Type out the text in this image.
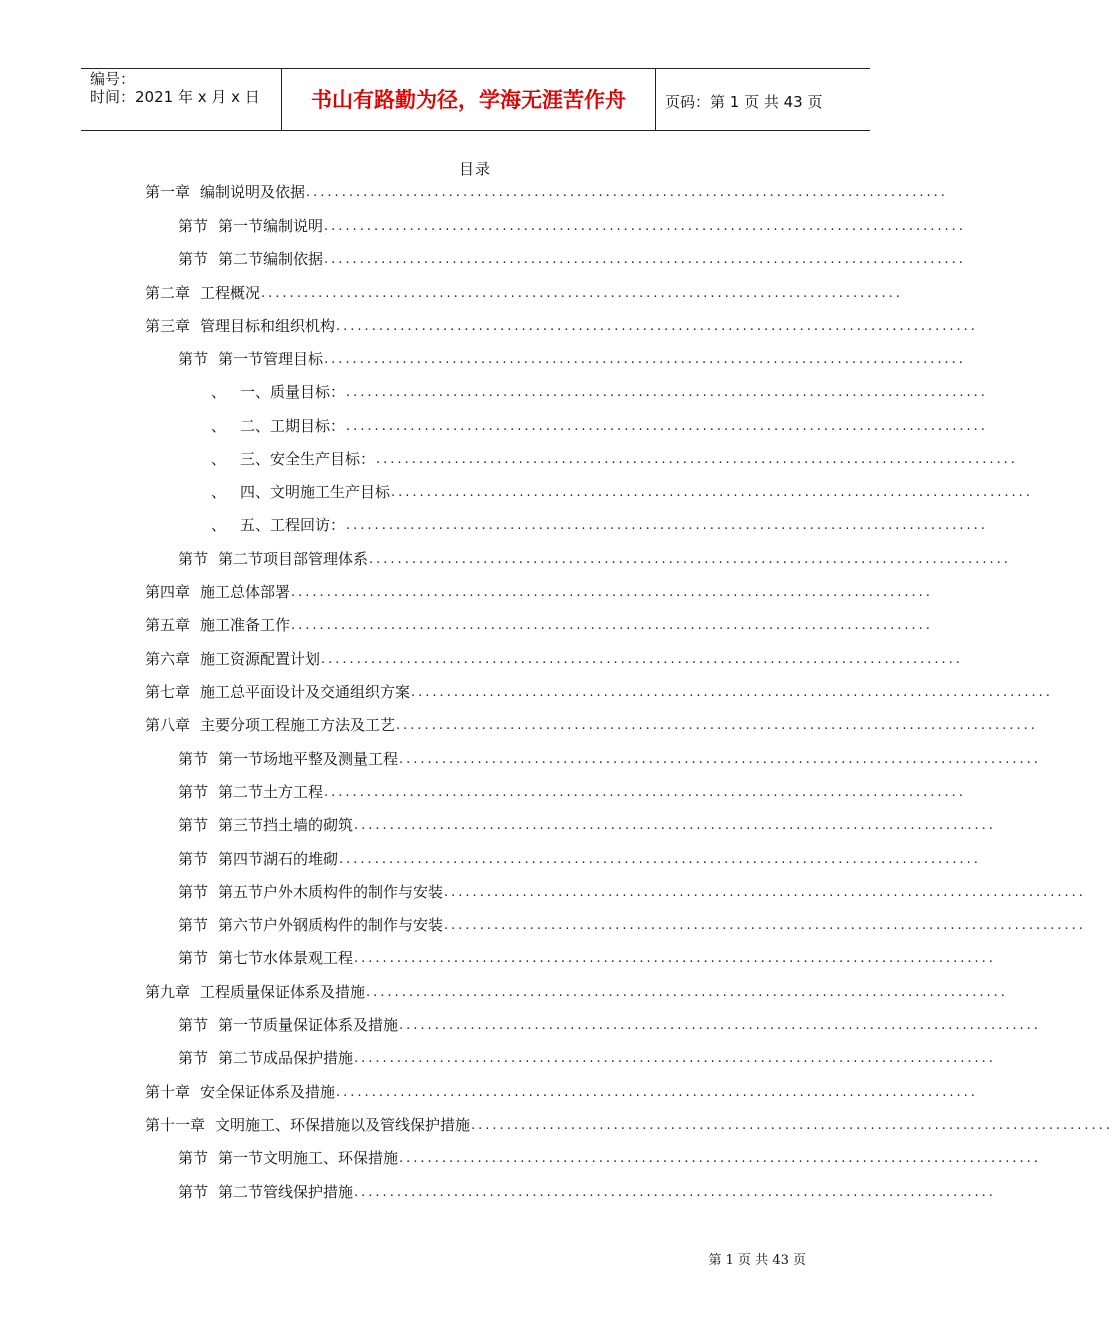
编号：
时间：2021 年 x 月 x 日	书山有路勤为径，学海无涯苦作舟	页码：第 1 页 共 43 页
目录
第一章 编制说明及依据 ..........................................................................................
第节 第一节编制说明 ..........................................................................................
第节 第二节编制依据 ..........................................................................................
第二章 工程概况 ..........................................................................................
第三章 管理目标和组织机构 ..........................................................................................
第节 第一节管理目标 ..........................................................................................
、 一、质量目标： ..........................................................................................
、 二、工期目标： ..........................................................................................
、 三、安全生产目标： ..........................................................................................
、 四、文明施工生产目标 ..........................................................................................
、 五、工程回访： ..........................................................................................
第节 第二节项目部管理体系 ..........................................................................................
第四章 施工总体部署 ..........................................................................................
第五章 施工准备工作 ..........................................................................................
第六章 施工资源配置计划 ..........................................................................................
第七章 施工总平面设计及交通组织方案 ..........................................................................................
第八章 主要分项工程施工方法及工艺 ..........................................................................................
第节 第一节场地平整及测量工程 ..........................................................................................
第节 第二节土方工程 ..........................................................................................
第节 第三节挡土墙的砌筑 ..........................................................................................
第节 第四节湖石的堆砌 ..........................................................................................
第节 第五节户外木质构件的制作与安装 ..........................................................................................
第节 第六节户外钢质构件的制作与安装 ..........................................................................................
第节 第七节水体景观工程 ..........................................................................................
第九章 工程质量保证体系及措施 ..........................................................................................
第节 第一节质量保证体系及措施 ..........................................................................................
第节 第二节成品保护措施 ..........................................................................................
第十章 安全保证体系及措施 ..........................................................................................
第十一章 文明施工、环保措施以及管线保护措施 ..........................................................................................
第节 第一节文明施工、环保措施 ..........................................................................................
第节 第二节管线保护措施 ..........................................................................................
第 1 页 共 43 页
